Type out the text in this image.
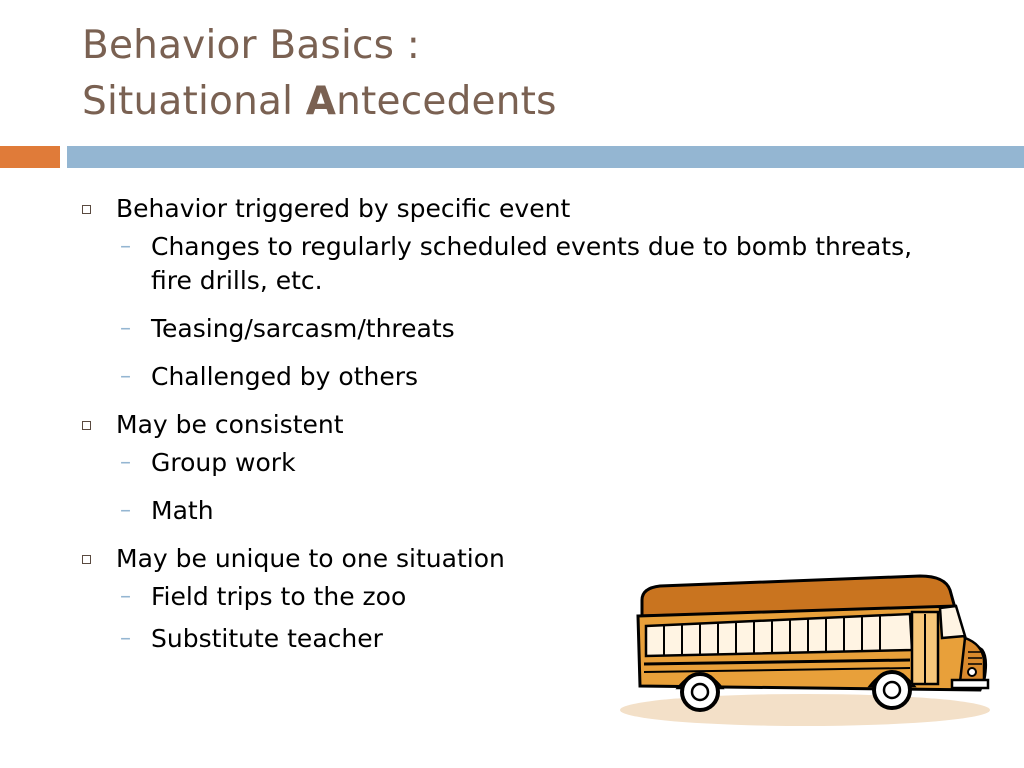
Behavior Basics :
Situational Antecedents
Behavior triggered by specific event
– Changes to regularly scheduled events due to bomb threats, fire drills, etc.
– Teasing/sarcasm/threats
– Challenged by others
May be consistent
– Group work
– Math
May be unique to one situation
– Field trips to the zoo
– Substitute teacher
